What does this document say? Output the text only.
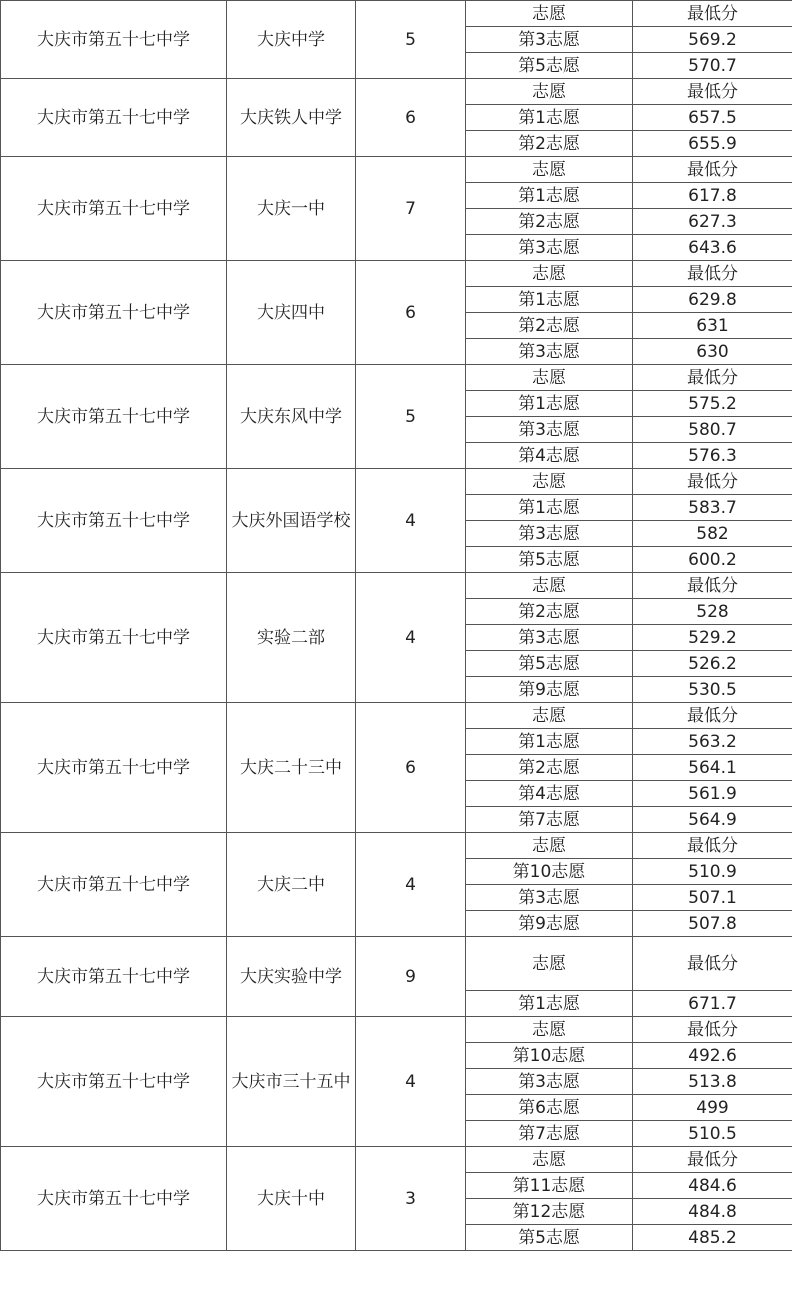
大庆市第五十七中学	大庆中学	5	志愿	最低分
			第3志愿	569.2
			第5志愿	570.7
大庆市第五十七中学	大庆铁人中学	6	志愿	最低分
			第1志愿	657.5
			第2志愿	655.9
大庆市第五十七中学	大庆一中	7	志愿	最低分
			第1志愿	617.8
			第2志愿	627.3
			第3志愿	643.6
大庆市第五十七中学	大庆四中	6	志愿	最低分
			第1志愿	629.8
			第2志愿	631
			第3志愿	630
大庆市第五十七中学	大庆东风中学	5	志愿	最低分
			第1志愿	575.2
			第3志愿	580.7
			第4志愿	576.3
大庆市第五十七中学	大庆外国语学校	4	志愿	最低分
			第1志愿	583.7
			第3志愿	582
			第5志愿	600.2
大庆市第五十七中学	实验二部	4	志愿	最低分
			第2志愿	528
			第3志愿	529.2
			第5志愿	526.2
			第9志愿	530.5
大庆市第五十七中学	大庆二十三中	6	志愿	最低分
			第1志愿	563.2
			第2志愿	564.1
			第4志愿	561.9
			第7志愿	564.9
大庆市第五十七中学	大庆二中	4	志愿	最低分
			第10志愿	510.9
			第3志愿	507.1
			第9志愿	507.8
大庆市第五十七中学	大庆实验中学	9	志愿	最低分
			第1志愿	671.7
大庆市第五十七中学	大庆市三十五中	4	志愿	最低分
			第10志愿	492.6
			第3志愿	513.8
			第6志愿	499
			第7志愿	510.5
大庆市第五十七中学	大庆十中	3	志愿	最低分
			第11志愿	484.6
			第12志愿	484.8
			第5志愿	485.2
